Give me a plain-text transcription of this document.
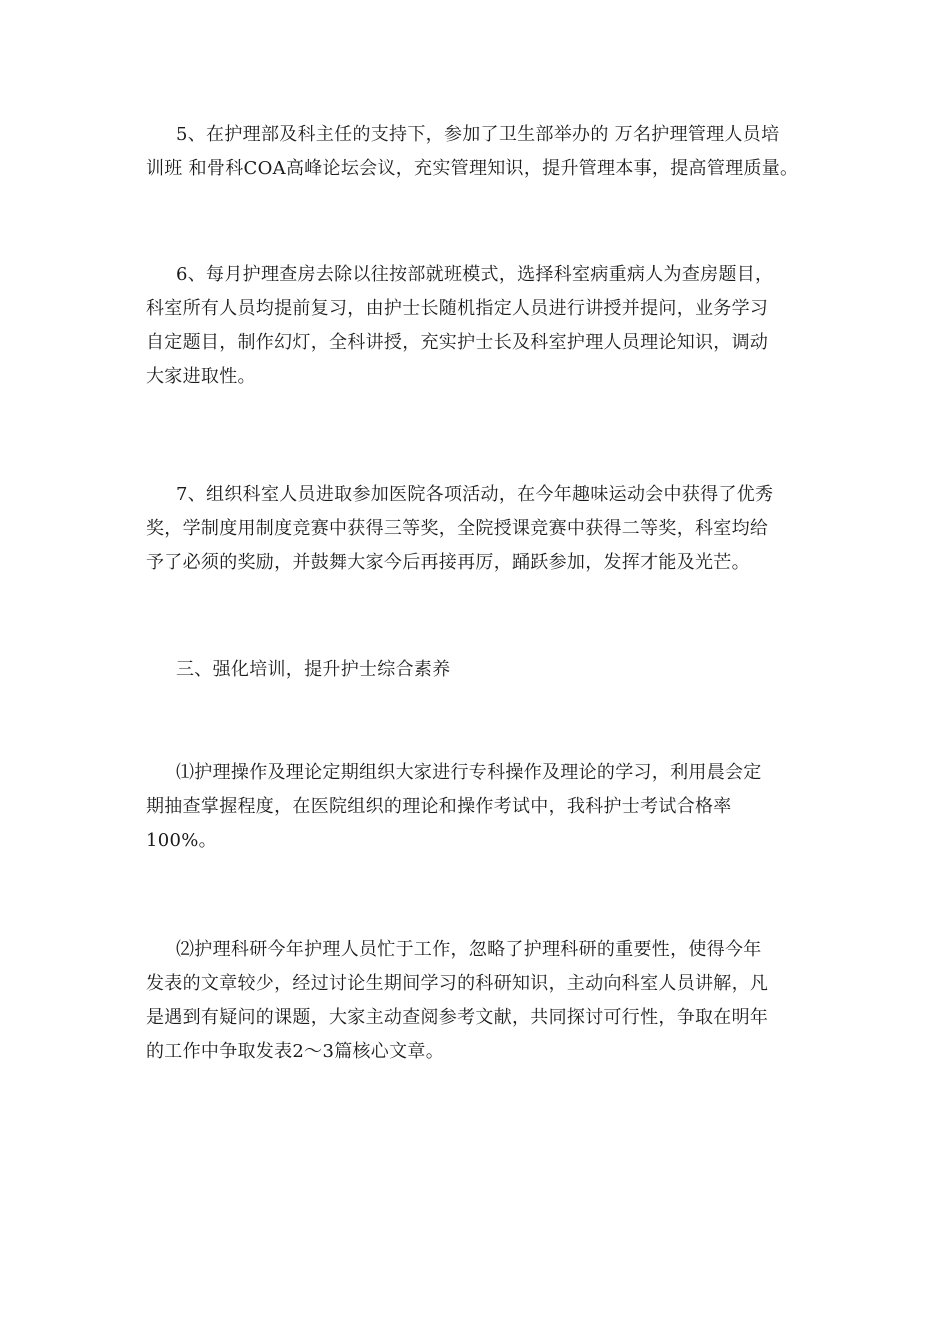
5、在护理部及科主任的支持下，参加了卫生部举办的 万名护理管理人员培
训班 和骨科COA高峰论坛会议，充实管理知识，提升管理本事，提高管理质量。
6、每月护理查房去除以往按部就班模式，选择科室病重病人为查房题目，
科室所有人员均提前复习，由护士长随机指定人员进行讲授并提问，业务学习
自定题目，制作幻灯，全科讲授，充实护士长及科室护理人员理论知识，调动
大家进取性。
7、组织科室人员进取参加医院各项活动，在今年趣味运动会中获得了优秀
奖，学制度用制度竞赛中获得三等奖，全院授课竞赛中获得二等奖，科室均给
予了必须的奖励，并鼓舞大家今后再接再厉，踊跃参加，发挥才能及光芒。
三、强化培训，提升护士综合素养
⑴护理操作及理论定期组织大家进行专科操作及理论的学习，利用晨会定
期抽查掌握程度，在医院组织的理论和操作考试中，我科护士考试合格率
100%。
⑵护理科研今年护理人员忙于工作，忽略了护理科研的重要性，使得今年
发表的文章较少，经过讨论生期间学习的科研知识，主动向科室人员讲解，凡
是遇到有疑问的课题，大家主动查阅参考文献，共同探讨可行性，争取在明年
的工作中争取发表2～3篇核心文章。
